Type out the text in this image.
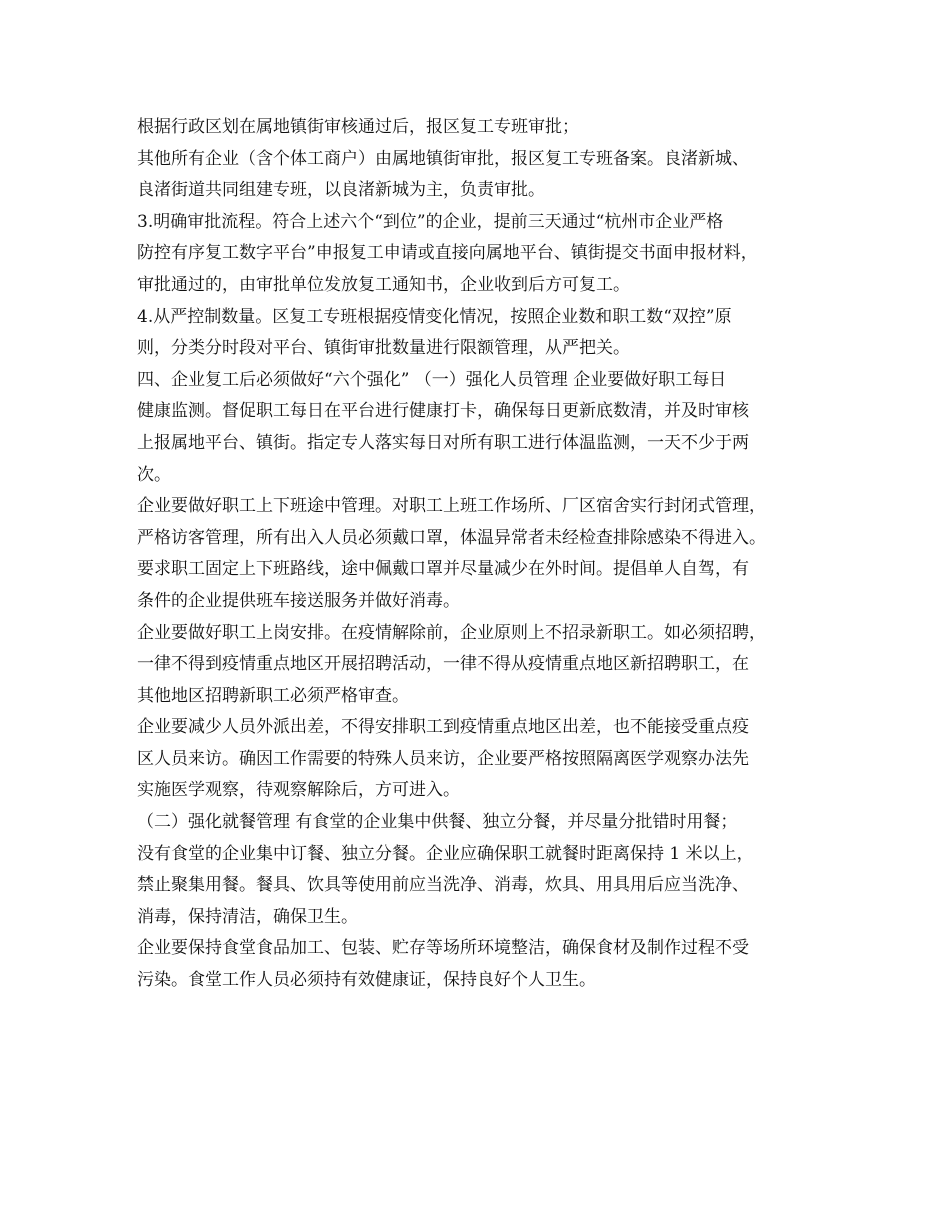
根据行政区划在属地镇街审核通过后，报区复工专班审批；
其他所有企业（含个体工商户）由属地镇街审批，报区复工专班备案。良渚新城、
良渚街道共同组建专班，以良渚新城为主，负责审批。
3.明确审批流程。符合上述六个“到位”的企业，提前三天通过“杭州市企业严格
防控有序复工数字平台”申报复工申请或直接向属地平台、镇街提交书面申报材料，
审批通过的，由审批单位发放复工通知书，企业收到后方可复工。
4.从严控制数量。区复工专班根据疫情变化情况，按照企业数和职工数“双控”原
则，分类分时段对平台、镇街审批数量进行限额管理，从严把关。
四、企业复工后必须做好“六个强化” （一）强化人员管理 企业要做好职工每日
健康监测。督促职工每日在平台进行健康打卡，确保每日更新底数清，并及时审核
上报属地平台、镇街。指定专人落实每日对所有职工进行体温监测，一天不少于两
次。
企业要做好职工上下班途中管理。对职工上班工作场所、厂区宿舍实行封闭式管理，
严格访客管理，所有出入人员必须戴口罩，体温异常者未经检查排除感染不得进入。
要求职工固定上下班路线，途中佩戴口罩并尽量减少在外时间。提倡单人自驾，有
条件的企业提供班车接送服务并做好消毒。
企业要做好职工上岗安排。在疫情解除前，企业原则上不招录新职工。如必须招聘，
一律不得到疫情重点地区开展招聘活动，一律不得从疫情重点地区新招聘职工，在
其他地区招聘新职工必须严格审查。
企业要减少人员外派出差，不得安排职工到疫情重点地区出差，也不能接受重点疫
区人员来访。确因工作需要的特殊人员来访，企业要严格按照隔离医学观察办法先
实施医学观察，待观察解除后，方可进入。
（二）强化就餐管理 有食堂的企业集中供餐、独立分餐，并尽量分批错时用餐；
没有食堂的企业集中订餐、独立分餐。企业应确保职工就餐时距离保持 1 米以上，
禁止聚集用餐。餐具、饮具等使用前应当洗净、消毒，炊具、用具用后应当洗净、
消毒，保持清洁，确保卫生。
企业要保持食堂食品加工、包装、贮存等场所环境整洁，确保食材及制作过程不受
污染。食堂工作人员必须持有效健康证，保持良好个人卫生。
